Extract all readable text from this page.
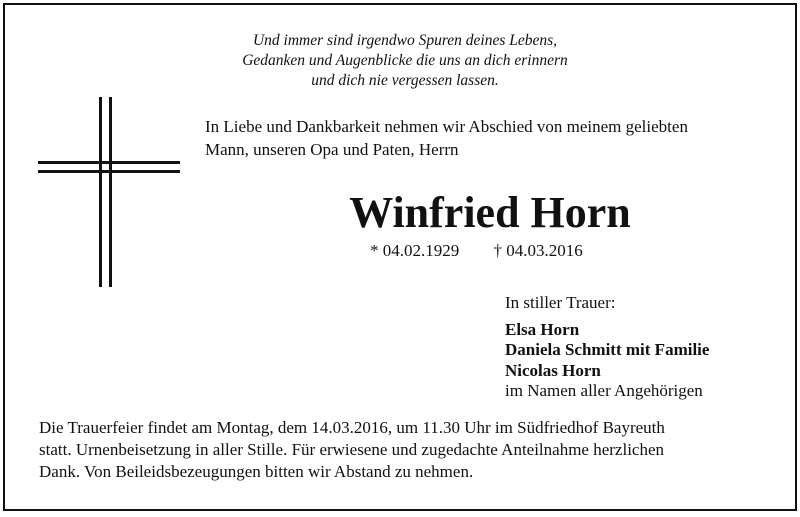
Und immer sind irgendwo Spuren deines Lebens,
Gedanken und Augenblicke die uns an dich erinnern
und dich nie vergessen lassen.
In Liebe und Dankbarkeit nehmen wir Abschied von meinem geliebten
Mann, unseren Opa und Paten, Herrn
Winfried Horn
* 04.02.1929 † 04.03.2016
In stiller Trauer:
Elsa Horn
Daniela Schmitt mit Familie
Nicolas Horn
im Namen aller Angehörigen
Die Trauerfeier findet am Montag, dem 14.03.2016, um 11.30 Uhr im Südfriedhof Bayreuth
statt. Urnenbeisetzung in aller Stille. Für erwiesene und zugedachte Anteilnahme herzlichen
Dank. Von Beileidsbezeugungen bitten wir Abstand zu nehmen.
